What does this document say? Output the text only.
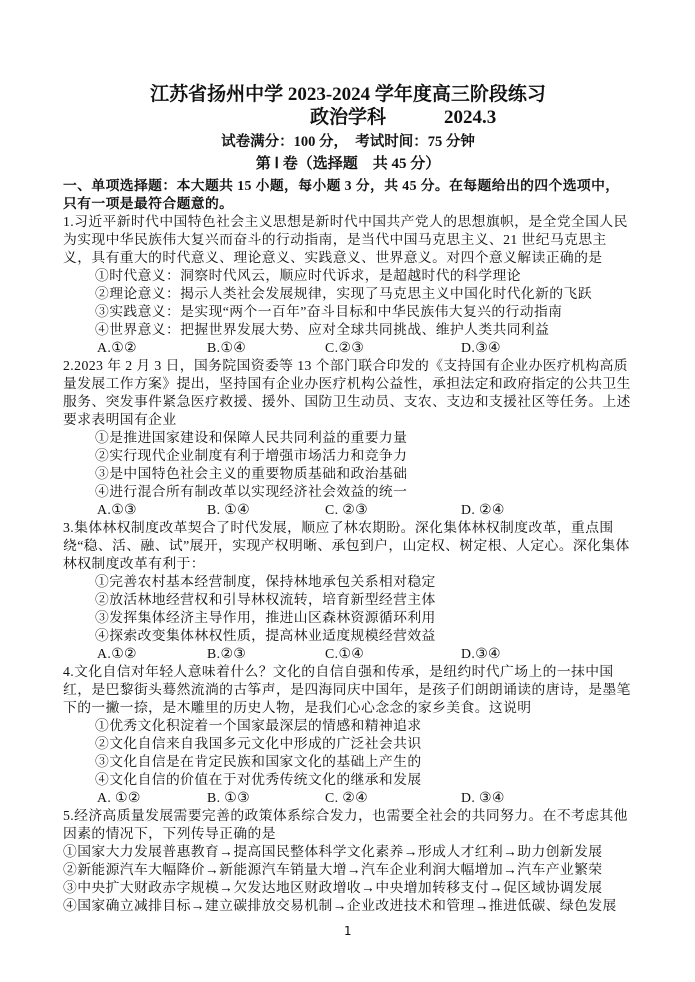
江苏省扬州中学 2023-2024 学年度高三阶段练习
政治学科	2024.3
试卷满分：100 分，  考试时间：75 分钟
第 Ⅰ 卷（选择题　共 45 分）

一、单项选择题：本大题共 15 小题，每小题 3 分，共 45 分。在每题给出的四个选项中，只有一项是最符合题意的。

1.习近平新时代中国特色社会主义思想是新时代中国共产党人的思想旗帜，是全党全国人民为实现中华民族伟大复兴而奋斗的行动指南，是当代中国马克思主义、21 世纪马克思主义，具有重大的时代意义、理论意义、实践意义、世界意义。对四个意义解读正确的是

①时代意义：洞察时代风云，顺应时代诉求，是超越时代的科学理论

②理论意义：揭示人类社会发展规律，实现了马克思主义中国化时代化新的飞跃

③实践意义：是实现“两个一百年”奋斗目标和中华民族伟大复兴的行动指南

④世界意义：把握世界发展大势、应对全球共同挑战、维护人类共同利益

A.①②	B.①④	C.②③	D.③④

2.2023 年 2 月 3 日，国务院国资委等 13 个部门联合印发的《支持国有企业办医疗机构高质量发展工作方案》提出，坚持国有企业办医疗机构公益性，承担法定和政府指定的公共卫生服务、突发事件紧急医疗救援、援外、国防卫生动员、支农、支边和支援社区等任务。上述要求表明国有企业

①是推进国家建设和保障人民共同利益的重要力量

②实行现代企业制度有利于增强市场活力和竞争力

③是中国特色社会主义的重要物质基础和政治基础

④进行混合所有制改革以实现经济社会效益的统一

A.①③	B. ①④	C. ②③	D. ②④

3.集体林权制度改革契合了时代发展，顺应了林农期盼。深化集体林权制度改革，重点围绕“稳、活、融、试”展开，实现产权明晰、承包到户，山定权、树定根、人定心。深化集体林权制度改革有利于：

①完善农村基本经营制度，保持林地承包关系相对稳定

②放活林地经营权和引导林权流转，培育新型经营主体

③发挥集体经济主导作用，推进山区森林资源循环利用

④探索改变集体林权性质，提高林业适度规模经营效益

A.①②	B.②③	C.①④	D.③④

4.文化自信对年轻人意味着什么？文化的自信自强和传承，是纽约时代广场上的一抹中国红，是巴黎街头蓦然流淌的古筝声，是四海同庆中国年，是孩子们朗朗诵读的唐诗，是墨笔下的一撇一捺，是木雕里的历史人物，是我们心心念念的家乡美食。这说明

①优秀文化积淀着一个国家最深层的情感和精神追求

②文化自信来自我国多元文化中形成的广泛社会共识

③文化自信是在肯定民族和国家文化的基础上产生的

④文化自信的价值在于对优秀传统文化的继承和发展

A. ①②	B. ①③	C. ②④	D. ③④

5.经济高质量发展需要完善的政策体系综合发力，也需要全社会的共同努力。在不考虑其他因素的情况下，下列传导正确的是

①国家大力发展普惠教育→提高国民整体科学文化素养→形成人才红利→助力创新发展

②新能源汽车大幅降价→新能源汽车销量大增→汽车企业利润大幅增加→汽车产业繁荣

③中央扩大财政赤字规模→欠发达地区财政增收→中央增加转移支付→促区域协调发展

④国家确立减排目标→建立碳排放交易机制→企业改进技术和管理→推进低碳、绿色发展

1
